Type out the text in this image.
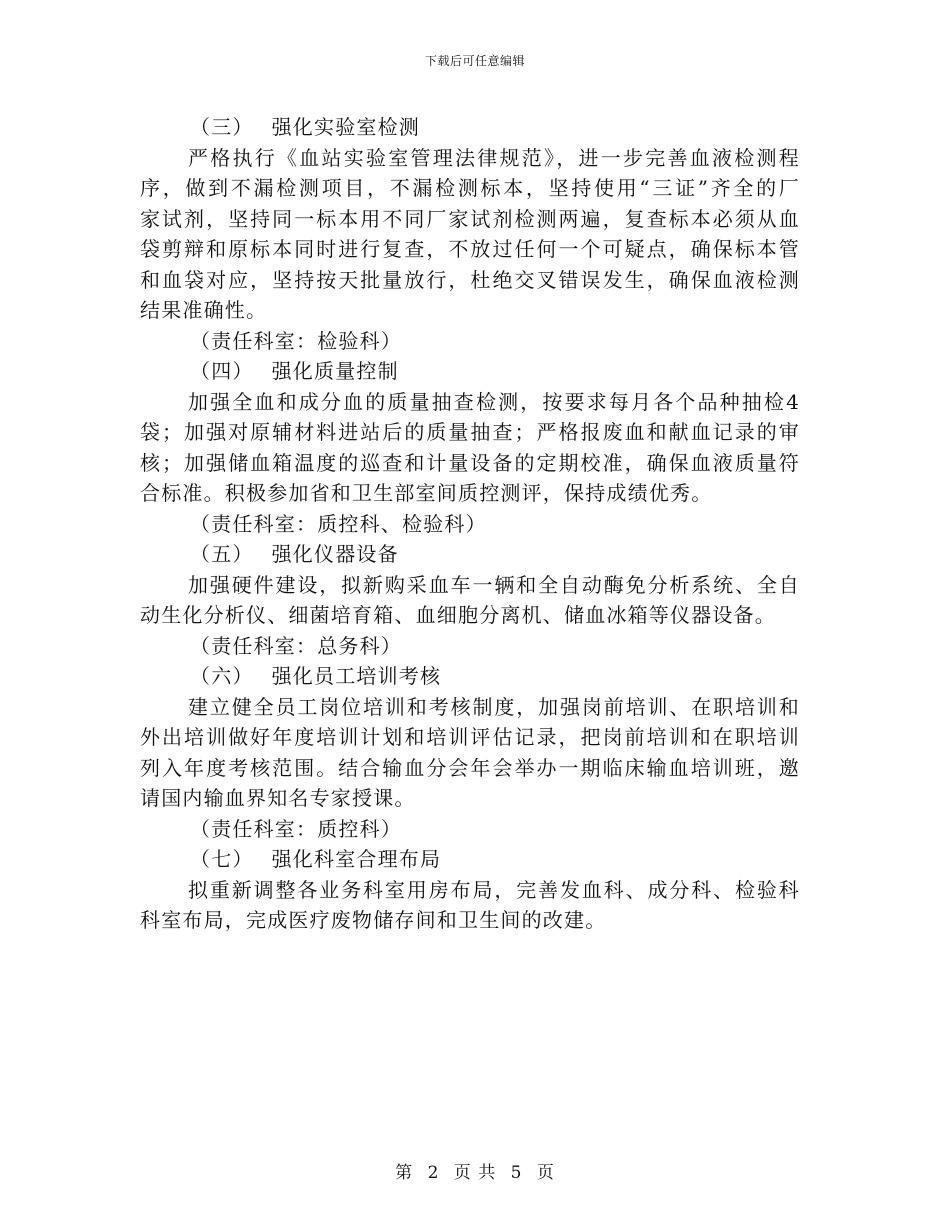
下载后可任意编辑
（三） 强化实验室检测
严格执行《血站实验室管理法律规范》，进一步完善血液检测程
序，做到不漏检测项目，不漏检测标本，坚持使用“三证”齐全的厂
家试剂，坚持同一标本用不同厂家试剂检测两遍，复查标本必须从血
袋剪辩和原标本同时进行复查，不放过任何一个可疑点，确保标本管
和血袋对应，坚持按天批量放行，杜绝交叉错误发生，确保血液检测
结果准确性。
（责任科室：检验科）
（四） 强化质量控制
加强全血和成分血的质量抽查检测，按要求每月各个品种抽检4
袋；加强对原辅材料进站后的质量抽查；严格报废血和献血记录的审
核；加强储血箱温度的巡查和计量设备的定期校准，确保血液质量符
合标准。积极参加省和卫生部室间质控测评，保持成绩优秀。
（责任科室：质控科、检验科）
（五） 强化仪器设备
加强硬件建设，拟新购采血车一辆和全自动酶免分析系统、全自
动生化分析仪、细菌培育箱、血细胞分离机、储血冰箱等仪器设备。
（责任科室：总务科）
（六） 强化员工培训考核
建立健全员工岗位培训和考核制度，加强岗前培训、在职培训和
外出培训做好年度培训计划和培训评估记录，把岗前培训和在职培训
列入年度考核范围。结合输血分会年会举办一期临床输血培训班，邀
请国内输血界知名专家授课。
（责任科室：质控科）
（七） 强化科室合理布局
拟重新调整各业务科室用房布局，完善发血科、成分科、检验科
科室布局，完成医疗废物储存间和卫生间的改建。
第 2 页 共 5 页
